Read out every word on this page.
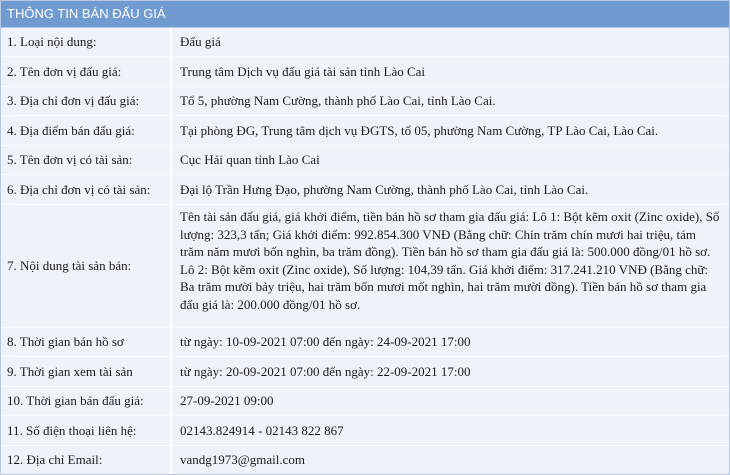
THÔNG TIN BÁN ĐẤU GIÁ
1. Loại nội dung:	Đấu giá
2. Tên đơn vị đấu giá:	Trung tâm Dịch vụ đấu giá tài sản tỉnh Lào Cai
3. Địa chỉ đơn vị đấu giá:	Tổ 5, phường Nam Cường, thành phố Lào Cai, tỉnh Lào Cai.
4. Địa điểm bán đấu giá:	Tại phòng ĐG, Trung tâm dịch vụ ĐGTS, tổ 05, phường Nam Cường, TP Lào Cai, Lào Cai.
5. Tên đơn vị có tài sản:	Cục Hải quan tỉnh Lào Cai
6. Địa chỉ đơn vị có tài sản:	Đại lộ Trần Hưng Đạo, phường Nam Cường, thành phố Lào Cai, tỉnh Lào Cai.
7. Nội dung tài sản bán:
Tên tài sản đấu giá, giá khởi điểm, tiền bán hồ sơ tham gia đấu giá: Lô 1: Bột kẽm oxit (Zinc oxide), Số lượng: 323,3 tấn; Giá khởi điểm: 992.854.300 VNĐ (Bằng chữ: Chín trăm chín mươi hai triệu, tám trăm năm mươi bốn nghìn, ba trăm đồng). Tiền bán hồ sơ tham gia đấu giá là: 500.000 đồng/01 hồ sơ. Lô 2: Bột kẽm oxit (Zinc oxide), Số lượng: 104,39 tấn. Giá khởi điểm: 317.241.210 VNĐ (Bằng chữ: Ba trăm mười bảy triệu, hai trăm bốn mươi mốt nghìn, hai trăm mười đồng). Tiền bán hồ sơ tham gia đấu giá là: 200.000 đồng/01 hồ sơ.
8. Thời gian bán hồ sơ	từ ngày: 10-09-2021 07:00 đến ngày: 24-09-2021 17:00
9. Thời gian xem tài sản	từ ngày: 20-09-2021 07:00 đến ngày: 22-09-2021 17:00
10. Thời gian bán đấu giá:	27-09-2021 09:00
11. Số điện thoại liên hệ:	02143.824914 - 02143 822 867
12. Địa chỉ Email:	vandg1973@gmail.com
